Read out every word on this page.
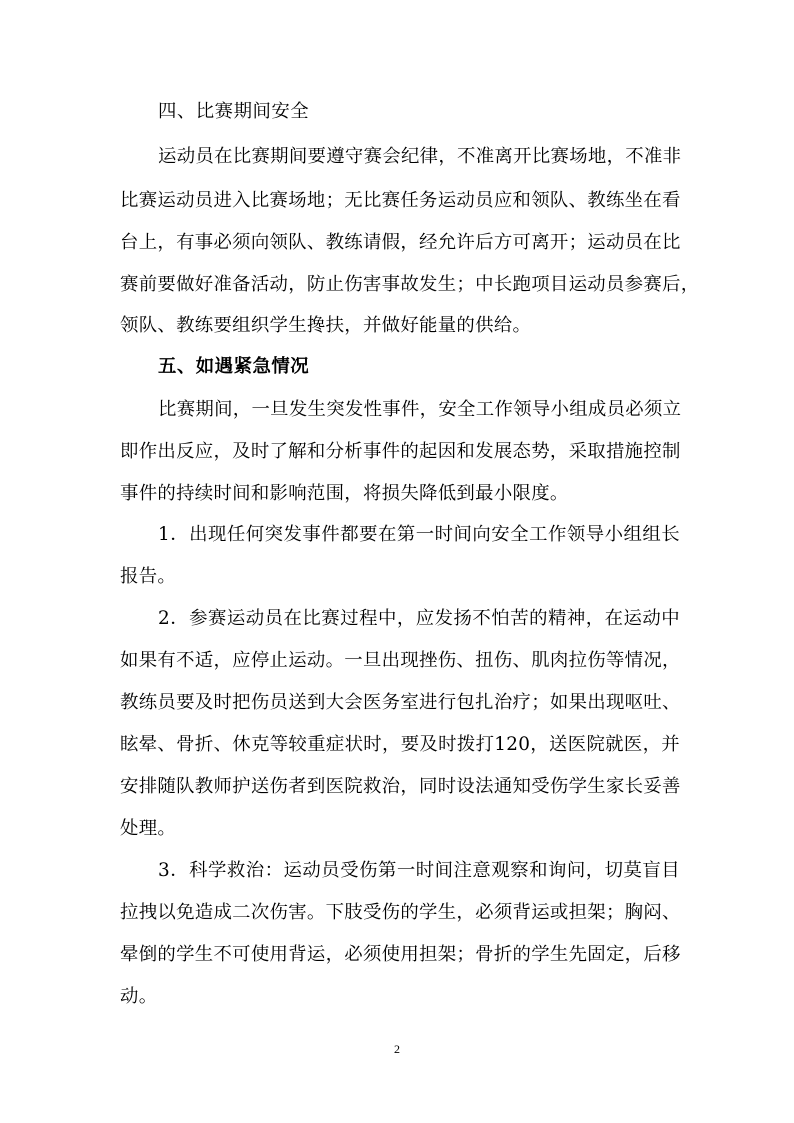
四、比赛期间安全
运动员在比赛期间要遵守赛会纪律，不准离开比赛场地，不准非
比赛运动员进入比赛场地；无比赛任务运动员应和领队、教练坐在看
台上，有事必须向领队、教练请假，经允许后方可离开；运动员在比
赛前要做好准备活动，防止伤害事故发生；中长跑项目运动员参赛后，
领队、教练要组织学生搀扶，并做好能量的供给。
五、如遇紧急情况
比赛期间，一旦发生突发性事件，安全工作领导小组成员必须立
即作出反应，及时了解和分析事件的起因和发展态势，采取措施控制
事件的持续时间和影响范围，将损失降低到最小限度。
1．出现任何突发事件都要在第一时间向安全工作领导小组组长
报告。
2．参赛运动员在比赛过程中，应发扬不怕苦的精神，在运动中
如果有不适，应停止运动。一旦出现挫伤、扭伤、肌肉拉伤等情况，
教练员要及时把伤员送到大会医务室进行包扎治疗；如果出现呕吐、
眩晕、骨折、休克等较重症状时，要及时拨打120，送医院就医，并
安排随队教师护送伤者到医院救治，同时设法通知受伤学生家长妥善
处理。
3．科学救治：运动员受伤第一时间注意观察和询问，切莫盲目
拉拽以免造成二次伤害。下肢受伤的学生，必须背运或担架；胸闷、
晕倒的学生不可使用背运，必须使用担架；骨折的学生先固定，后移
动。
2
